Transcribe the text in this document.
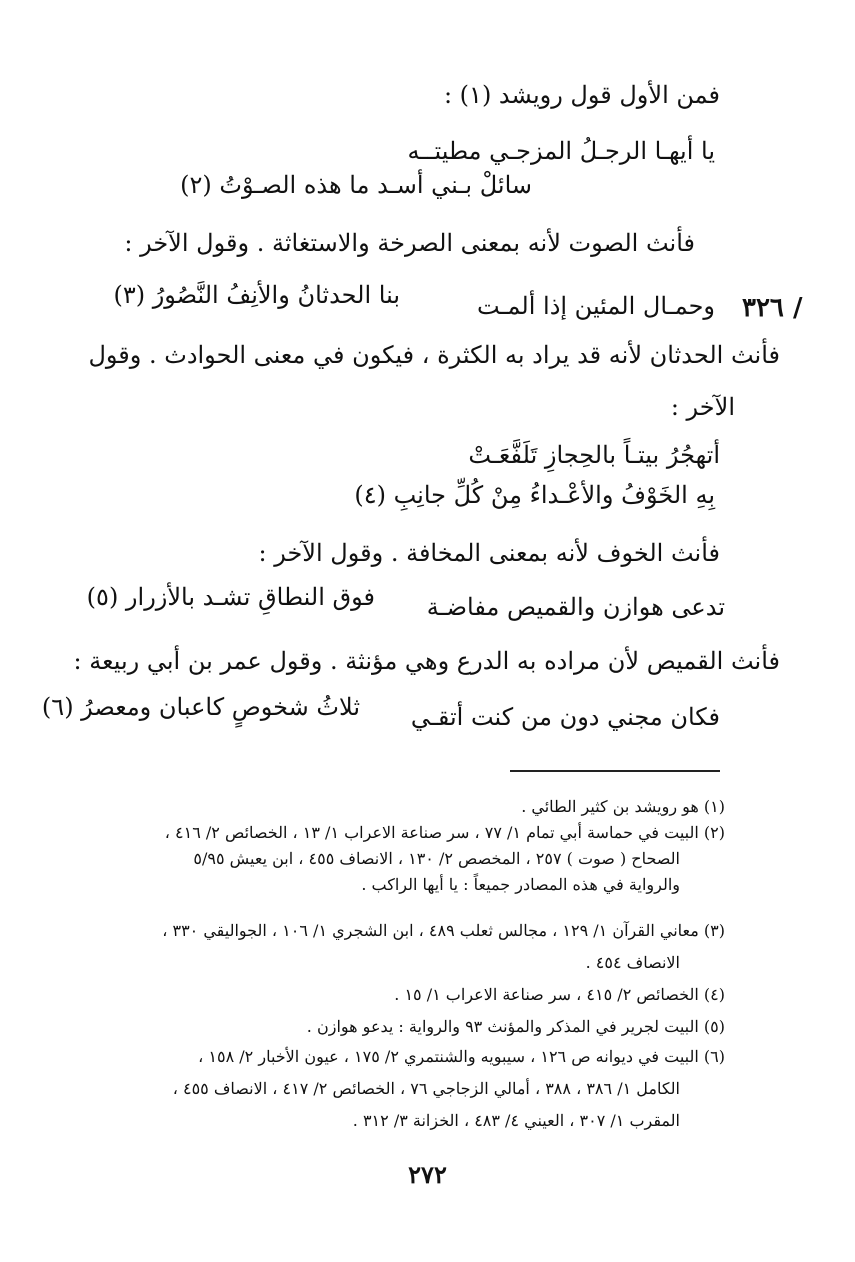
فمن الأول قول رويشد (١) :
يا أيهـا الرجـلُ المزجـي مطيتــه
سائلْ بـني أسـد ما هذه الصـوْتُ (٢)
فأنث الصوت لأنه بمعنى الصرخة والاستغاثة . وقول الآخر :
٣٢٦ /
وحمـال المئين إذا ألمـت
بنا الحدثانُ والأنِفُ النَّصُورُ (٣)
فأنث الحدثان لأنه قد يراد به الكثرة ، فيكون في معنى الحوادث . وقول
الآخر :
أتهجُرُ بيتـاً بالحِجازِ تَلَفَّعَـتْ
بِهِ الخَوْفُ والأعْـداءُ مِنْ كُلِّ جانِبِ (٤)
فأنث الخوف لأنه بمعنى المخافة . وقول الآخر :
تدعى هوازن والقميص مفاضـة
فوق النطاقِ تشـد بالأزرار (٥)
فأنث القميص لأن مراده به الدرع وهي مؤنثة . وقول عمر بن أبي ربيعة :
فكان مجني دون من كنت أتقـي
ثلاثُ شخوصٍ كاعبان ومعصرُ (٦)
(١) هو رويشد بن كثير الطائي .
(٢) البيت في حماسة أبي تمام ١/ ٧٧ ، سر صناعة الاعراب ١/ ١٣ ، الخصائص ٢/ ٤١٦ ،
الصحاح ( صوت ) ٢٥٧ ، المخصص ٢/ ١٣٠ ، الانصاف ٤٥٥ ، ابن يعيش ٥/٩٥
والرواية في هذه المصادر جميعاً : يا أيها الراكب .
(٣) معاني القرآن ١/ ١٢٩ ، مجالس ثعلب ٤٨٩ ، ابن الشجري ١/ ١٠٦ ، الجواليقي ٣٣٠ ،
الانصاف ٤٥٤ .
(٤) الخصائص ٢/ ٤١٥ ، سر صناعة الاعراب ١/ ١٥ .
(٥) البيت لجرير في المذكر والمؤنث ٩٣ والرواية : يدعو هوازن .
(٦) البيت في ديوانه ص ١٢٦ ، سيبويه والشنتمري ٢/ ١٧٥ ، عيون الأخبار ٢/ ١٥٨ ،
الكامل ١/ ٣٨٦ ، ٣٨٨ ، أمالي الزجاجي ٧٦ ، الخصائص ٢/ ٤١٧ ، الانصاف ٤٥٥ ،
المقرب ١/ ٣٠٧ ، العيني ٤/ ٤٨٣ ، الخزانة ٣/ ٣١٢ .
٢٧٢
